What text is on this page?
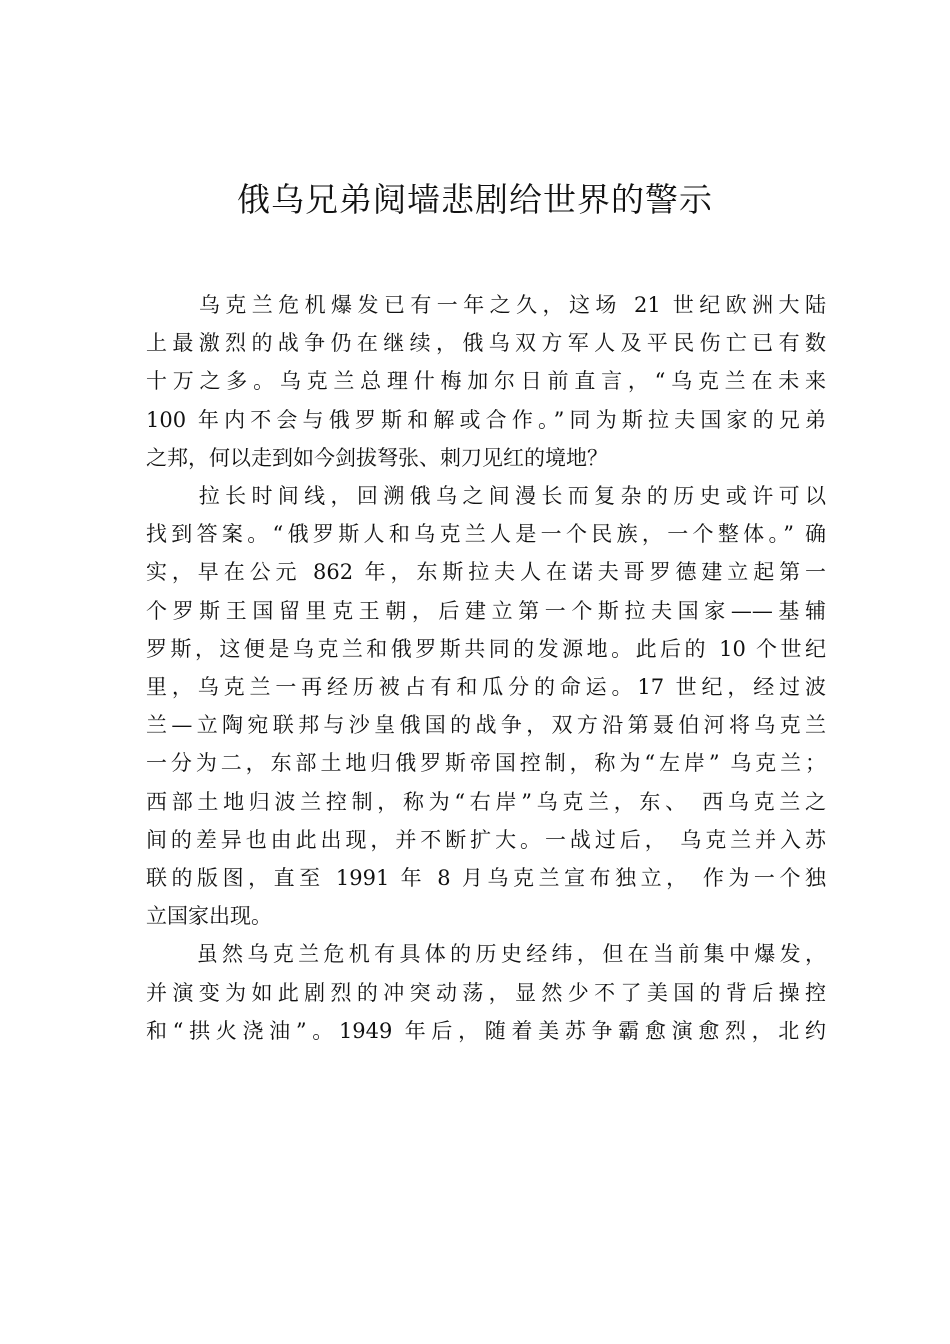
俄乌兄弟阋墙悲剧给世界的警示

　　乌克兰危机爆发已有一年之久，这场 21 世纪欧洲大陆
上最激烈的战争仍在继续，俄乌双方军人及平民伤亡已有数
十万之多。乌克兰总理什梅加尔日前直言，“乌克兰在未来
100 年内不会与俄罗斯和解或合作。”同为斯拉夫国家的兄弟
之邦，何以走到如今剑拔弩张、刺刀见红的境地？

　　拉长时间线，回溯俄乌之间漫长而复杂的历史或许可以
找到答案。“俄罗斯人和乌克兰人是一个民族，一个整体。” 确
实，早在公元 862 年，东斯拉夫人在诺夫哥罗德建立起第一
个罗斯王国留里克王朝，后建立第一个斯拉夫国家——基辅
罗斯，这便是乌克兰和俄罗斯共同的发源地。此后的 10 个世纪
里，乌克兰一再经历被占有和瓜分的命运。17 世纪，经过波
兰—立陶宛联邦与沙皇俄国的战争，双方沿第聂伯河将乌克兰
一分为二，东部土地归俄罗斯帝国控制，称为“左岸” 乌克兰；
西部土地归波兰控制，称为“右岸”乌克兰，东、 西乌克兰之
间的差异也由此出现，并不断扩大。一战过后， 乌克兰并入苏
联的版图，直至 1991 年 8 月乌克兰宣布独立， 作为一个独
立国家出现。

　　虽然乌克兰危机有具体的历史经纬，但在当前集中爆发，
并演变为如此剧烈的冲突动荡，显然少不了美国的背后操控
和“拱火浇油”。1949 年后，随着美苏争霸愈演愈烈，北约
